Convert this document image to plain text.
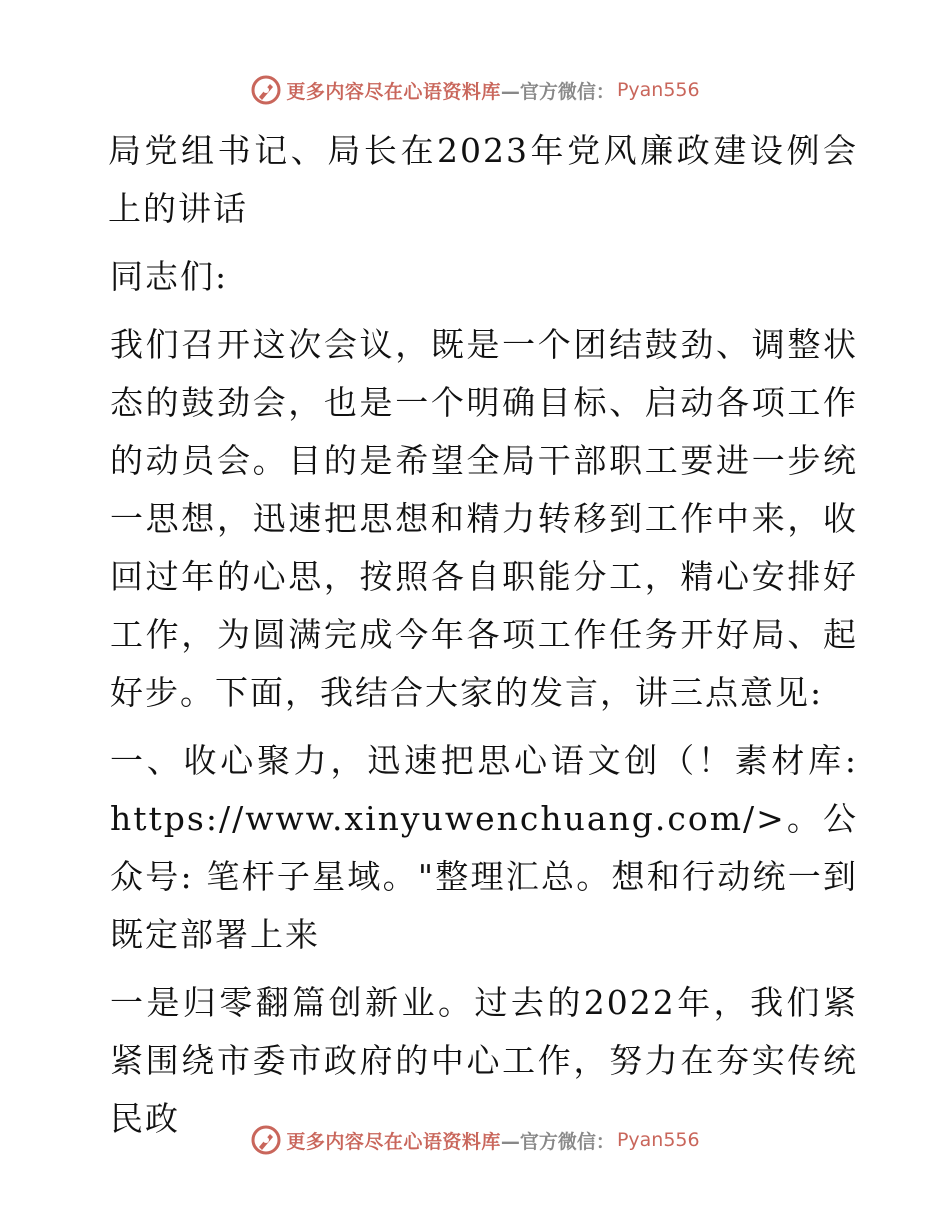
更多内容尽在心语资料库 —官方微信： Pyan556

局党组书记、局长在2023年党风廉政建设例会上的讲话

同志们:

我们召开这次会议，既是一个团结鼓劲、调整状态的鼓劲会，也是一个明确目标、启动各项工作的动员会。目的是希望全局干部职工要进一步统一思想，迅速把思想和精力转移到工作中来，收回过年的心思，按照各自职能分工，精心安排好工作，为圆满完成今年各项工作任务开好局、起好步。下面，我结合大家的发言，讲三点意见:

一、收心聚力，迅速把思心语文创（！素材库: https://www.xinyuwenchuang.com/>。公众号: 笔杆子星域。"整理汇总。想和行动统一到既定部署上来

一是归零翻篇创新业。过去的2022年，我们紧紧围绕市委市政府的中心工作，努力在夯实传统民政

更多内容尽在心语资料库 —官方微信： Pyan556
